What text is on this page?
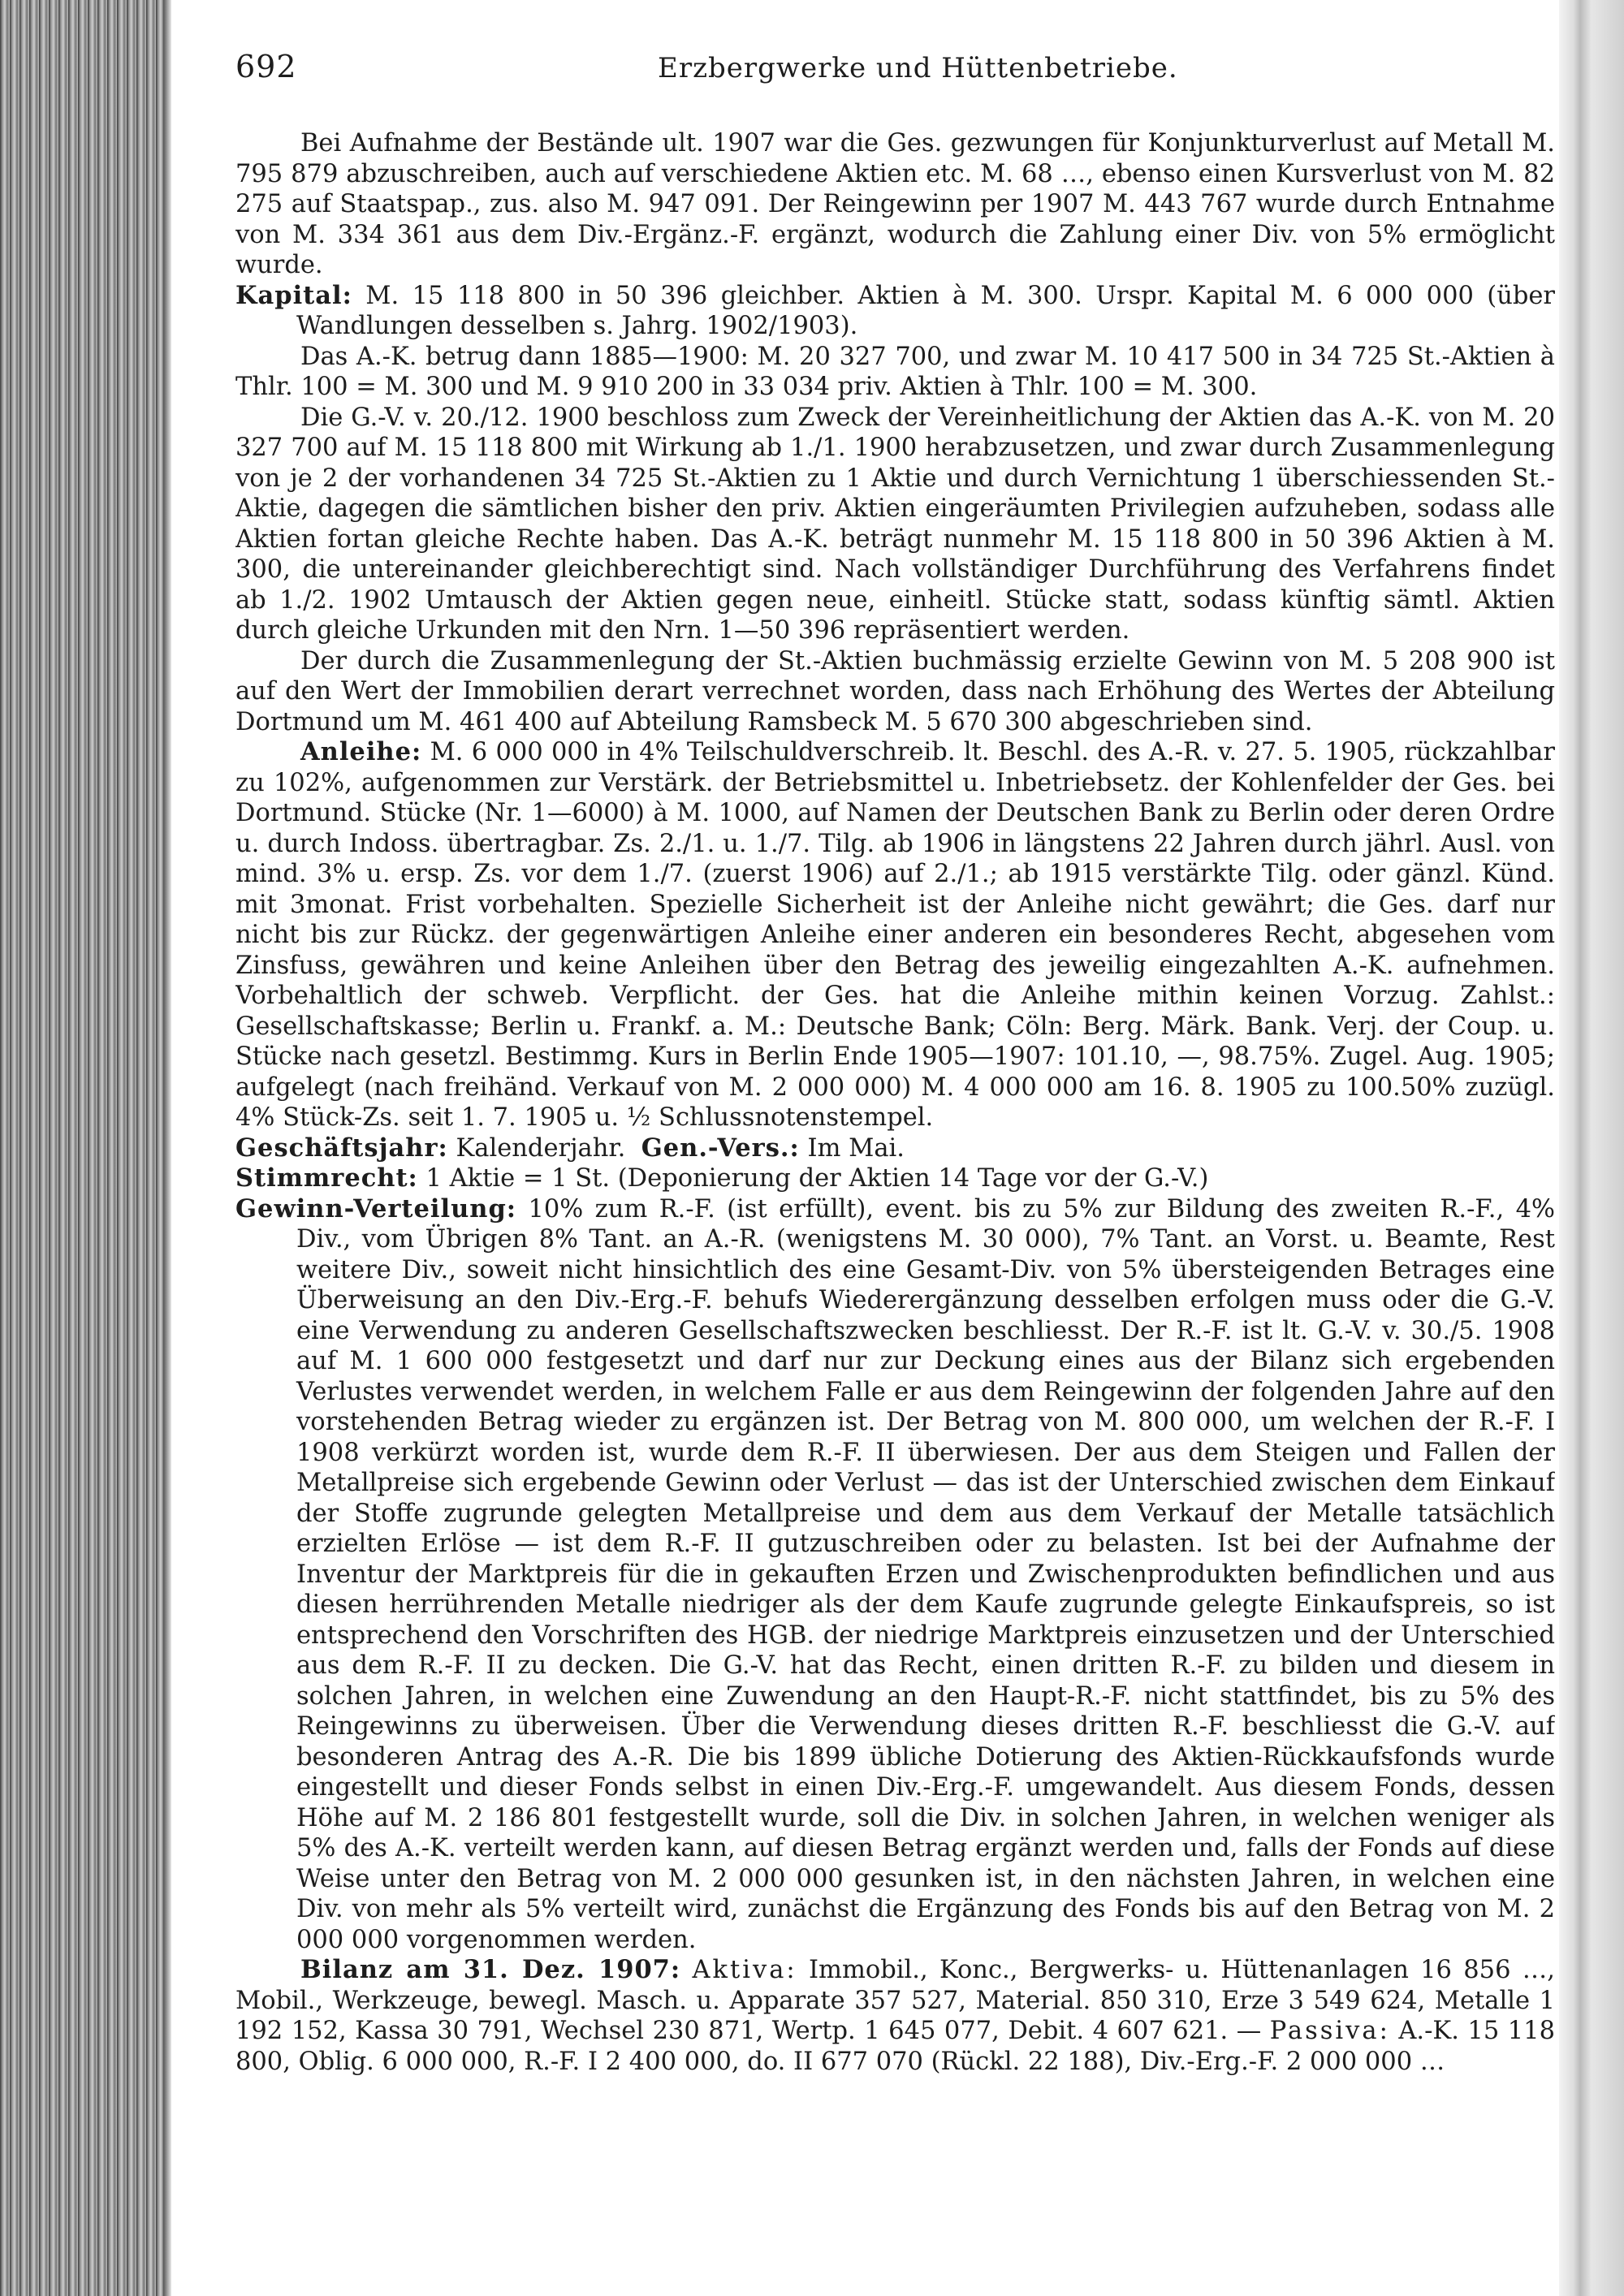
692	Erzbergwerke und Hüttenbetriebe.

Bei Aufnahme der Bestände ult. 1907 war die Ges. gezwungen für Konjunkturverlust auf Metall M. 795 879 abzuschreiben, auch auf verschiedene Aktien etc. M. 68 …, ebenso einen Kursverlust von M. 82 275 auf Staatspap., zus. also M. 947 091. Der Reingewinn per 1907 M. 443 767 wurde durch Entnahme von M. 334 361 aus dem Div.-Ergänz.-F. ergänzt, wodurch die Zahlung einer Div. von 5% ermöglicht wurde.

Kapital: M. 15 118 800 in 50 396 gleichber. Aktien à M. 300. Urspr. Kapital M. 6 000 000 (über Wandlungen desselben s. Jahrg. 1902/1903).

Das A.-K. betrug dann 1885—1900: M. 20 327 700, und zwar M. 10 417 500 in 34 725 St.-Aktien à Thlr. 100 = M. 300 und M. 9 910 200 in 33 034 priv. Aktien à Thlr. 100 = M. 300.

Die G.-V. v. 20./12. 1900 beschloss zum Zweck der Vereinheitlichung der Aktien das A.-K. von M. 20 327 700 auf M. 15 118 800 mit Wirkung ab 1./1. 1900 herabzusetzen, und zwar durch Zusammenlegung von je 2 der vorhandenen 34 725 St.-Aktien zu 1 Aktie und durch Vernichtung 1 überschiessenden St.-Aktie, dagegen die sämtlichen bisher den priv. Aktien eingeräumten Privilegien aufzuheben, sodass alle Aktien fortan gleiche Rechte haben. Das A.-K. beträgt nunmehr M. 15 118 800 in 50 396 Aktien à M. 300, die untereinander gleichberechtigt sind. Nach vollständiger Durchführung des Verfahrens findet ab 1./2. 1902 Umtausch der Aktien gegen neue, einheitl. Stücke statt, sodass künftig sämtl. Aktien durch gleiche Urkunden mit den Nrn. 1—50 396 repräsentiert werden.

Der durch die Zusammenlegung der St.-Aktien buchmässig erzielte Gewinn von M. 5 208 900 ist auf den Wert der Immobilien derart verrechnet worden, dass nach Erhöhung des Wertes der Abteilung Dortmund um M. 461 400 auf Abteilung Ramsbeck M. 5 670 300 abgeschrieben sind.

Anleihe: M. 6 000 000 in 4% Teilschuldverschreib. lt. Beschl. des A.-R. v. 27. 5. 1905, rückzahlbar zu 102%, aufgenommen zur Verstärk. der Betriebsmittel u. Inbetriebsetz. der Kohlenfelder der Ges. bei Dortmund. Stücke (Nr. 1—6000) à M. 1000, auf Namen der Deutschen Bank zu Berlin oder deren Ordre u. durch Indoss. übertragbar. Zs. 2./1. u. 1./7. Tilg. ab 1906 in längstens 22 Jahren durch jährl. Ausl. von mind. 3% u. ersp. Zs. vor dem 1./7. (zuerst 1906) auf 2./1.; ab 1915 verstärkte Tilg. oder gänzl. Künd. mit 3monat. Frist vorbehalten. Spezielle Sicherheit ist der Anleihe nicht gewährt; die Ges. darf nur nicht bis zur Rückz. der gegenwärtigen Anleihe einer anderen ein besonderes Recht, abgesehen vom Zinsfuss, gewähren und keine Anleihen über den Betrag des jeweilig eingezahlten A.-K. aufnehmen. Vorbehaltlich der schweb. Verpflicht. der Ges. hat die Anleihe mithin keinen Vorzug. Zahlst.: Gesellschaftskasse; Berlin u. Frankf. a. M.: Deutsche Bank; Cöln: Berg. Märk. Bank. Verj. der Coup. u. Stücke nach gesetzl. Bestimmg. Kurs in Berlin Ende 1905—1907: 101.10, —, 98.75%. Zugel. Aug. 1905; aufgelegt (nach freihänd. Verkauf von M. 2 000 000) M. 4 000 000 am 16. 8. 1905 zu 100.50% zuzügl. 4% Stück-Zs. seit 1. 7. 1905 u. ½ Schlussnotenstempel.

Geschäftsjahr: Kalenderjahr. Gen.-Vers.: Im Mai.

Stimmrecht: 1 Aktie = 1 St. (Deponierung der Aktien 14 Tage vor der G.-V.)

Gewinn-Verteilung: 10% zum R.-F. (ist erfüllt), event. bis zu 5% zur Bildung des zweiten R.-F., 4% Div., vom Übrigen 8% Tant. an A.-R. (wenigstens M. 30 000), 7% Tant. an Vorst. u. Beamte, Rest weitere Div., soweit nicht hinsichtlich des eine Gesamt-Div. von 5% übersteigenden Betrages eine Überweisung an den Div.-Erg.-F. behufs Wiederergänzung desselben erfolgen muss oder die G.-V. eine Verwendung zu anderen Gesellschaftszwecken beschliesst. Der R.-F. ist lt. G.-V. v. 30./5. 1908 auf M. 1 600 000 festgesetzt und darf nur zur Deckung eines aus der Bilanz sich ergebenden Verlustes verwendet werden, in welchem Falle er aus dem Reingewinn der folgenden Jahre auf den vorstehenden Betrag wieder zu ergänzen ist. Der Betrag von M. 800 000, um welchen der R.-F. I 1908 verkürzt worden ist, wurde dem R.-F. II überwiesen. Der aus dem Steigen und Fallen der Metallpreise sich ergebende Gewinn oder Verlust — das ist der Unterschied zwischen dem Einkauf der Stoffe zugrunde gelegten Metallpreise und dem aus dem Verkauf der Metalle tatsächlich erzielten Erlöse — ist dem R.-F. II gutzuschreiben oder zu belasten. Ist bei der Aufnahme der Inventur der Marktpreis für die in gekauften Erzen und Zwischenprodukten befindlichen und aus diesen herrührenden Metalle niedriger als der dem Kaufe zugrunde gelegte Einkaufspreis, so ist entsprechend den Vorschriften des HGB. der niedrige Marktpreis einzusetzen und der Unterschied aus dem R.-F. II zu decken. Die G.-V. hat das Recht, einen dritten R.-F. zu bilden und diesem in solchen Jahren, in welchen eine Zuwendung an den Haupt-R.-F. nicht stattfindet, bis zu 5% des Reingewinns zu überweisen. Über die Verwendung dieses dritten R.-F. beschliesst die G.-V. auf besonderen Antrag des A.-R. Die bis 1899 übliche Dotierung des Aktien-Rückkaufsfonds wurde eingestellt und dieser Fonds selbst in einen Div.-Erg.-F. umgewandelt. Aus diesem Fonds, dessen Höhe auf M. 2 186 801 festgestellt wurde, soll die Div. in solchen Jahren, in welchen weniger als 5% des A.-K. verteilt werden kann, auf diesen Betrag ergänzt werden und, falls der Fonds auf diese Weise unter den Betrag von M. 2 000 000 gesunken ist, in den nächsten Jahren, in welchen eine Div. von mehr als 5% verteilt wird, zunächst die Ergänzung des Fonds bis auf den Betrag von M. 2 000 000 vorgenommen werden.

Bilanz am 31. Dez. 1907: Aktiva: Immobil., Konc., Bergwerks- u. Hüttenanlagen 16 856 …, Mobil., Werkzeuge, bewegl. Masch. u. Apparate 357 527, Material. 850 310, Erze 3 549 624, Metalle 1 192 152, Kassa 30 791, Wechsel 230 871, Wertp. 1 645 077, Debit. 4 607 621. — Passiva: A.-K. 15 118 800, Oblig. 6 000 000, R.-F. I 2 400 000, do. II 677 070 (Rückl. 22 188), Div.-Erg.-F. 2 000 000 …
